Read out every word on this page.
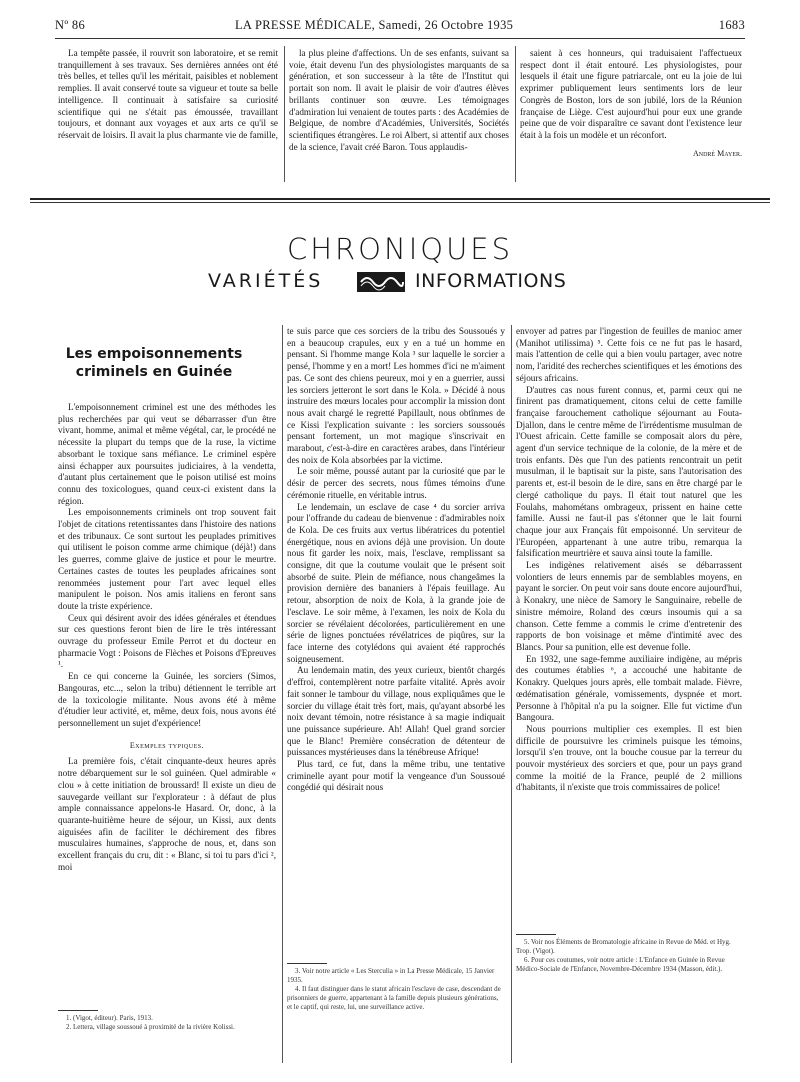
Nº 86	LA PRESSE MÉDICALE, Samedi, 26 Octobre 1935	1683

La tempête passée, il rouvrit son laboratoire, et se remit tranquillement à ses travaux. Ses dernières années ont été très belles, et telles qu'il les méritait, paisibles et noblement remplies. Il avait conservé toute sa vigueur et toute sa belle intelligence. Il continuait à satisfaire sa curiosité scientifique qui ne s'était pas émoussée, travaillant toujours, et donnant aux voyages et aux arts ce qu'il se réservait de loisirs. Il avait la plus charmante vie de famille,

la plus pleine d'affections. Un de ses enfants, suivant sa voie, était devenu l'un des physiologistes marquants de sa génération, et son successeur à la tête de l'Institut qui portait son nom. Il avait le plaisir de voir d'autres élèves brillants continuer son œuvre. Les témoignages d'admiration lui venaient de toutes parts : des Académies de Belgique, de nombre d'Académies, Universités, Sociétés scientifiques étrangères. Le roi Albert, si attentif aux choses de la science, l'avait créé Baron. Tous applaudis-

saient à ces honneurs, qui traduisaient l'affectueux respect dont il était entouré. Les physiologistes, pour lesquels il était une figure patriarcale, ont eu la joie de lui exprimer publiquement leurs sentiments lors de leur Congrès de Boston, lors de son jubilé, lors de la Réunion française de Liège. C'est aujourd'hui pour eux une grande peine que de voir disparaître ce savant dont l'existence leur était à la fois un modèle et un réconfort.

André Mayer.

CHRONIQUES
VARIÉTÉS	INFORMATIONS
Les empoisonnements criminels en Guinée

L'empoisonnement criminel est une des méthodes les plus recherchées par qui veut se débarrasser d'un être vivant, homme, animal et même végétal, car, le procédé ne nécessite la plupart du temps que de la ruse, la victime absorbant le toxique sans méfiance. Le criminel espère ainsi échapper aux poursuites judiciaires, à la vendetta, d'autant plus certainement que le poison utilisé est moins connu des toxicologues, quand ceux-ci existent dans la région.

Les empoisonnements criminels ont trop souvent fait l'objet de citations retentissantes dans l'histoire des nations et des tribunaux. Ce sont surtout les peuplades primitives qui utilisent le poison comme arme chimique (déjà!) dans les guerres, comme glaive de justice et pour le meurtre. Certaines castes de toutes les peuplades africaines sont renommées justement pour l'art avec lequel elles manipulent le poison. Nos amis italiens en feront sans doute la triste expérience.

Ceux qui désirent avoir des idées générales et étendues sur ces questions feront bien de lire le très intéressant ouvrage du professeur Emile Perrot et du docteur en pharmacie Vogt : Poisons de Flèches et Poisons d'Epreuves ¹.

En ce qui concerne la Guinée, les sorciers (Simos, Bangouras, etc..., selon la tribu) détiennent le terrible art de la toxicologie militante. Nous avons été à même d'étudier leur activité, et, même, deux fois, nous avons été personnellement un sujet d'expérience!

Exemples typiques.

La première fois, c'était cinquante-deux heures après notre débarquement sur le sol guinéen. Quel admirable « clou » à cette initiation de broussard! Il existe un dieu de sauvegarde veillant sur l'explorateur : à défaut de plus ample connaissance appelons-le Hasard. Or, donc, à la quarante-huitième heure de séjour, un Kissi, aux dents aiguisées afin de faciliter le déchirement des fibres musculaires humaines, s'approche de nous, et, dans son excellent français du cru, dit : « Blanc, si toi tu pars d'ici ², moi

1. (Vigot, éditeur). Paris, 1913.

2. Lettera, village soussoué à proximité de la rivière Kolissi.

te suis parce que ces sorciers de la tribu des Soussoués y en a beaucoup crapules, eux y en a tué un homme en pensant. Si l'homme mange Kola ³ sur laquelle le sorcier a pensé, l'homme y en a mort! Les hommes d'ici ne m'aiment pas. Ce sont des chiens peureux, moi y en a guerrier, aussi les sorciers jetteront le sort dans le Kola. » Décidé à nous instruire des mœurs locales pour accomplir la mission dont nous avait chargé le regretté Papillault, nous obtînmes de ce Kissi l'explication suivante : les sorciers soussoués pensant fortement, un mot magique s'inscrivait en marabout, c'est-à-dire en caractères arabes, dans l'intérieur des noix de Kola absorbées par la victime.

Le soir même, poussé autant par la curiosité que par le désir de percer des secrets, nous fûmes témoins d'une cérémonie rituelle, en véritable intrus.

Le lendemain, un esclave de case ⁴ du sorcier arriva pour l'offrande du cadeau de bienvenue : d'admirables noix de Kola. De ces fruits aux vertus libératrices du potentiel énergétique, nous en avions déjà une provision. Un doute nous fit garder les noix, mais, l'esclave, remplissant sa consigne, dit que la coutume voulait que le présent soit absorbé de suite. Plein de méfiance, nous changeâmes la provision dernière des bananiers à l'épais feuillage. Au retour, absorption de noix de Kola, à la grande joie de l'esclave. Le soir même, à l'examen, les noix de Kola du sorcier se révélaient décolorées, particulièrement en une série de lignes ponctuées révélatrices de piqûres, sur la face interne des cotylédons qui avaient été rapprochés soigneusement.

Au lendemain matin, des yeux curieux, bientôt chargés d'effroi, contemplèrent notre parfaite vitalité. Après avoir fait sonner le tambour du village, nous expliquâmes que le sorcier du village était très fort, mais, qu'ayant absorbé les noix devant témoin, notre résistance à sa magie indiquait une puissance supérieure. Ah! Allah! Quel grand sorcier que le Blanc! Première consécration de détenteur de puissances mystérieuses dans la ténébreuse Afrique!

Plus tard, ce fut, dans la même tribu, une tentative criminelle ayant pour motif la vengeance d'un Soussoué congédié qui désirait nous

3. Voir notre article « Les Sterculia » in La Presse Médicale, 15 Janvier 1935.

4. Il faut distinguer dans le statut africain l'esclave de case, descendant de prisonniers de guerre, appartenant à la famille depuis plusieurs générations, et le captif, qui reste, lui, une surveillance active.

envoyer ad patres par l'ingestion de feuilles de manioc amer (Manihot utilissima) ⁵. Cette fois ce ne fut pas le hasard, mais l'attention de celle qui a bien voulu partager, avec notre nom, l'aridité des recherches scientifiques et les émotions des séjours africains.

D'autres cas nous furent connus, et, parmi ceux qui ne finirent pas dramatiquement, citons celui de cette famille française farouchement catholique séjournant au Fouta-Djallon, dans le centre même de l'irrédentisme musulman de l'Ouest africain. Cette famille se composait alors du père, agent d'un service technique de la colonie, de la mère et de trois enfants. Dès que l'un des patients rencontrait un petit musulman, il le baptisait sur la piste, sans l'autorisation des parents et, est-il besoin de le dire, sans en être chargé par le clergé catholique du pays. Il était tout naturel que les Foulahs, mahométans ombrageux, prissent en haine cette famille. Aussi ne faut-il pas s'étonner que le lait fourni chaque jour aux Français fût empoisonné. Un serviteur de l'Européen, appartenant à une autre tribu, remarqua la falsification meurtrière et sauva ainsi toute la famille.

Les indigènes relativement aisés se débarrassent volontiers de leurs ennemis par de semblables moyens, en payant le sorcier. On peut voir sans doute encore aujourd'hui, à Konakry, une nièce de Samory le Sanguinaire, rebelle de sinistre mémoire, Roland des cœurs insoumis qui a sa chanson. Cette femme a commis le crime d'entretenir des rapports de bon voisinage et même d'intimité avec des Blancs. Pour sa punition, elle est devenue folle.

En 1932, une sage-femme auxiliaire indigène, au mépris des coutumes établies ⁶, a accouché une habitante de Konakry. Quelques jours après, elle tombait malade. Fièvre, œdématisation générale, vomissements, dyspnée et mort. Personne à l'hôpital n'a pu la soigner. Elle fut victime d'un Bangoura.

Nous pourrions multiplier ces exemples. Il est bien difficile de poursuivre les criminels puisque les témoins, lorsqu'il s'en trouve, ont la bouche cousue par la terreur du pouvoir mystérieux des sorciers et que, pour un pays grand comme la moitié de la France, peuplé de 2 millions d'habitants, il n'existe que trois commissaires de police!

5. Voir nos Éléments de Bromatologie africaine in Revue de Méd. et Hyg. Trop. (Vigot).

6. Pour ces coutumes, voir notre article : L'Enfance en Guinée in Revue Médico-Sociale de l'Enfance, Novembre-Décembre 1934 (Masson, édit.).
